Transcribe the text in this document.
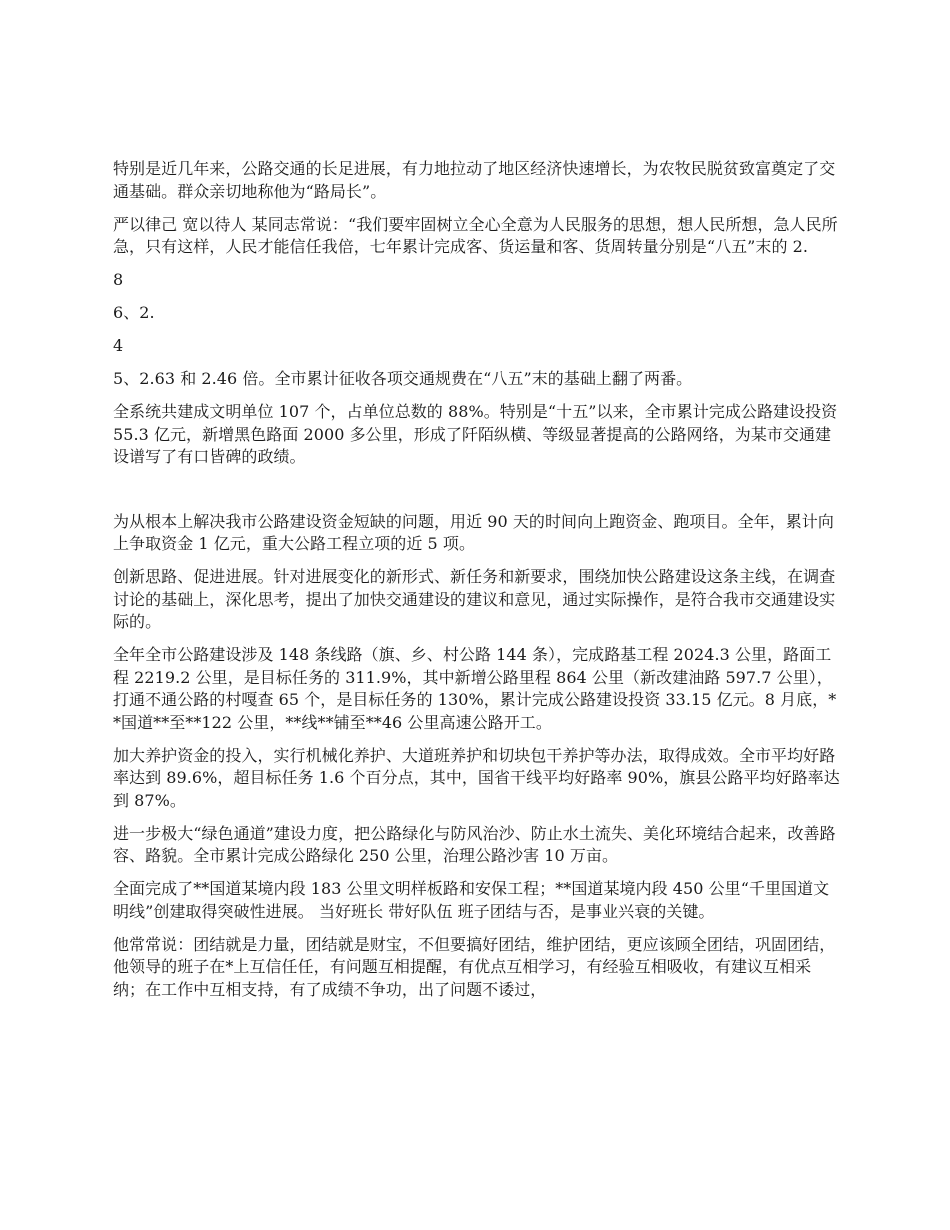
特别是近几年来，公路交通的长足进展，有力地拉动了地区经济快速增长，为农牧民脱贫致富奠定了交通基础。群众亲切地称他为“路局长”。

严以律己 宽以待人 某同志常说：“我们要牢固树立全心全意为人民服务的思想，想人民所想，急人民所急，只有这样，人民才能信任我倍，七年累计完成客、货运量和客、货周转量分别是“八五”末的 2.

8

6、2.

4

5、2.63 和 2.46 倍。全市累计征收各项交通规费在“八五”末的基础上翻了两番。

全系统共建成文明单位 107 个，占单位总数的 88%。特别是“十五”以来，全市累计完成公路建设投资 55.3 亿元，新增黑色路面 2000 多公里，形成了阡陌纵横、等级显著提高的公路网络，为某市交通建设谱写了有口皆碑的政绩。

为从根本上解决我市公路建设资金短缺的问题，用近 90 天的时间向上跑资金、跑项目。全年，累计向上争取资金 1 亿元，重大公路工程立项的近 5 项。

创新思路、促进进展。针对进展变化的新形式、新任务和新要求，围绕加快公路建设这条主线，在调查讨论的基础上，深化思考，提出了加快交通建设的建议和意见，通过实际操作，是符合我市交通建设实际的。

全年全市公路建设涉及 148 条线路（旗、乡、村公路 144 条），完成路基工程 2024.3 公里，路面工程 2219.2 公里，是目标任务的 311.9%，其中新增公路里程 864 公里（新改建油路 597.7 公里），打通不通公路的村嘎查 65 个，是目标任务的 130%，累计完成公路建设投资 33.15 亿元。8 月底，**国道**至**122 公里，**线**铺至**46 公里高速公路开工。

加大养护资金的投入，实行机械化养护、大道班养护和切块包干养护等办法，取得成效。全市平均好路率达到 89.6%，超目标任务 1.6 个百分点，其中，国省干线平均好路率 90%，旗县公路平均好路率达到 87%。

进一步极大“绿色通道”建设力度，把公路绿化与防风治沙、防止水土流失、美化环境结合起来，改善路容、路貌。全市累计完成公路绿化 250 公里，治理公路沙害 10 万亩。

全面完成了**国道某境内段 183 公里文明样板路和安保工程；**国道某境内段 450 公里“千里国道文明线”创建取得突破性进展。 当好班长 带好队伍 班子团结与否，是事业兴衰的关键。

他常常说：团结就是力量，团结就是财宝，不但要搞好团结，维护团结，更应该顾全团结，巩固团结，他领导的班子在*上互信任任，有问题互相提醒，有优点互相学习，有经验互相吸收，有建议互相采纳；在工作中互相支持，有了成绩不争功，出了问题不诿过，
